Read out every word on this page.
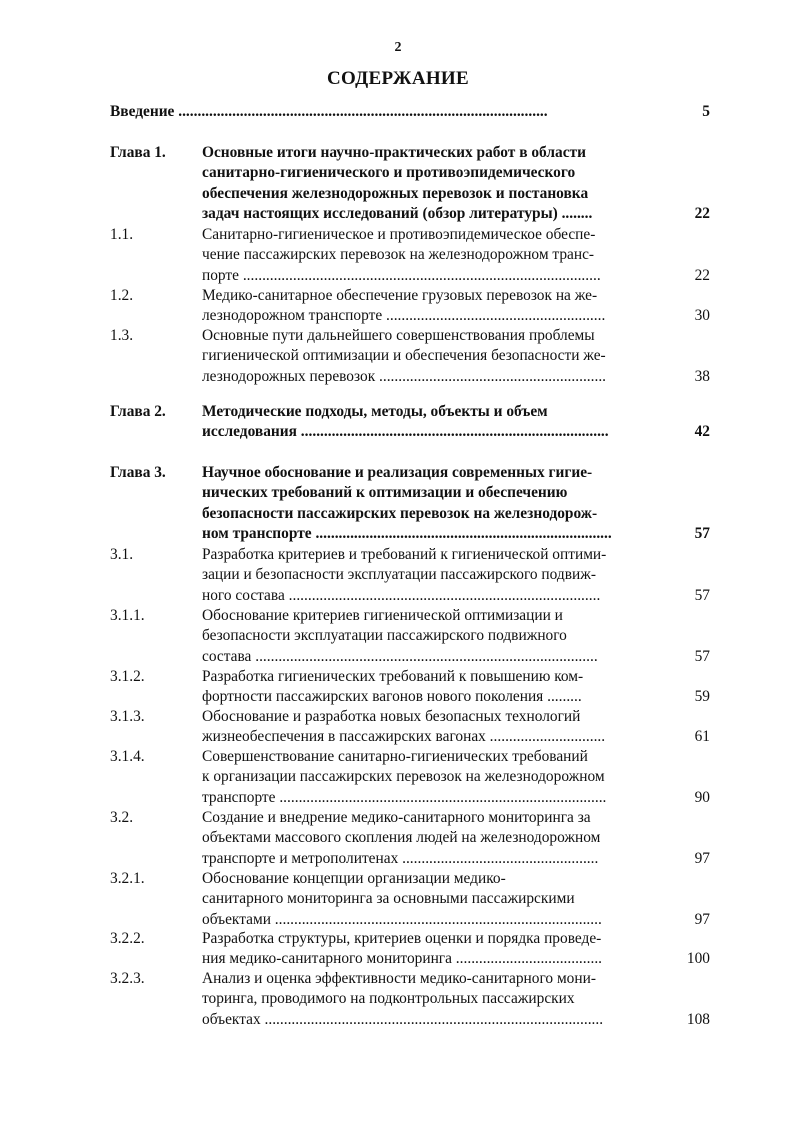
2
СОДЕРЖАНИЕ
Введение ................................................................................................	5
Глава 1. Основные итоги научно-практических работ в области
санитарно-гигиенического и противоэпидемического
обеспечения железнодорожных перевозок и постановка
задач настоящих исследований (обзор литературы) ........	22
1.1.	Санитарно-гигиеническое и противоэпидемическое обеспе-
чение пассажирских перевозок на железнодорожном транс-
порте .............................................................................................	22
1.2.	Медико-санитарное обеспечение грузовых перевозок на же-
лезнодорожном транспорте .........................................................	30
1.3.	Основные пути дальнейшего совершенствования проблемы
гигиенической оптимизации и обеспечения безопасности же-
лезнодорожных перевозок ...........................................................	38
Глава 2. Методические подходы, методы, объекты и объем
исследования ................................................................................	42
Глава 3. Научное обоснование и реализация современных гигие-
нических требований к оптимизации и обеспечению
безопасности пассажирских перевозок на железнодорож-
ном транспорте .............................................................................	57
3.1.	Разработка критериев и требований к гигиенической оптими-
зации и безопасности эксплуатации пассажирского подвиж-
ного состава .................................................................................	57
3.1.1.	Обоснование критериев гигиенической оптимизации и
безопасности эксплуатации пассажирского подвижного
состава .........................................................................................	57
3.1.2.	Разработка гигиенических требований к повышению ком-
фортности пассажирских вагонов нового поколения .........	59
3.1.3.	Обоснование и разработка новых безопасных технологий
жизнеобеспечения в пассажирских вагонах ..............................	61
3.1.4.	Совершенствование санитарно-гигиенических требований
к организации пассажирских перевозок на железнодорожном
транспорте .....................................................................................	90
3.2.	Создание и внедрение медико-санитарного мониторинга за
объектами массового скопления людей на железнодорожном
транспорте и метрополитенах ...................................................	97
3.2.1.	Обоснование концепции организации медико-
санитарного мониторинга за основными пассажирскими
объектами .....................................................................................	97
3.2.2.	Разработка структуры, критериев оценки и порядка проведе-
ния медико-санитарного мониторинга ......................................	100
3.2.3.	Анализ и оценка эффективности медико-санитарного мони-
торинга, проводимого на подконтрольных пассажирских
объектах ........................................................................................	108
